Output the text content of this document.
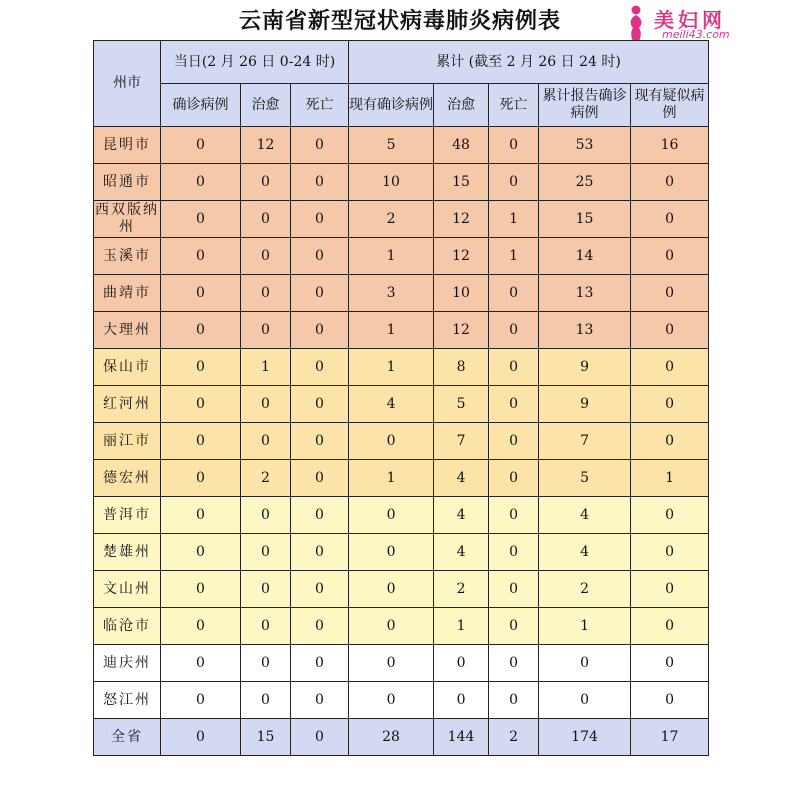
云南省新型冠状病毒肺炎病例表	美妇网
meili43.com
州市	当日(2 月 26 日 0-24 时)			累计 (截至 2 月 26 日 24 时)				
	确诊病例	治愈	死亡	现有确诊病例	治愈	死亡	累计报告确诊病例	现有疑似病例
昆明市	0	12	0	5	48	0	53	16
昭通市	0	0	0	10	15	0	25	0
西双版纳州	0	0	0	2	12	1	15	0
玉溪市	0	0	0	1	12	1	14	0
曲靖市	0	0	0	3	10	0	13	0
大理州	0	0	0	1	12	0	13	0
保山市	0	1	0	1	8	0	9	0
红河州	0	0	0	4	5	0	9	0
丽江市	0	0	0	0	7	0	7	0
德宏州	0	2	0	1	4	0	5	1
普洱市	0	0	0	0	4	0	4	0
楚雄州	0	0	0	0	4	0	4	0
文山州	0	0	0	0	2	0	2	0
临沧市	0	0	0	0	1	0	1	0
迪庆州	0	0	0	0	0	0	0	0
怒江州	0	0	0	0	0	0	0	0
全省	0	15	0	28	144	2	174	17
